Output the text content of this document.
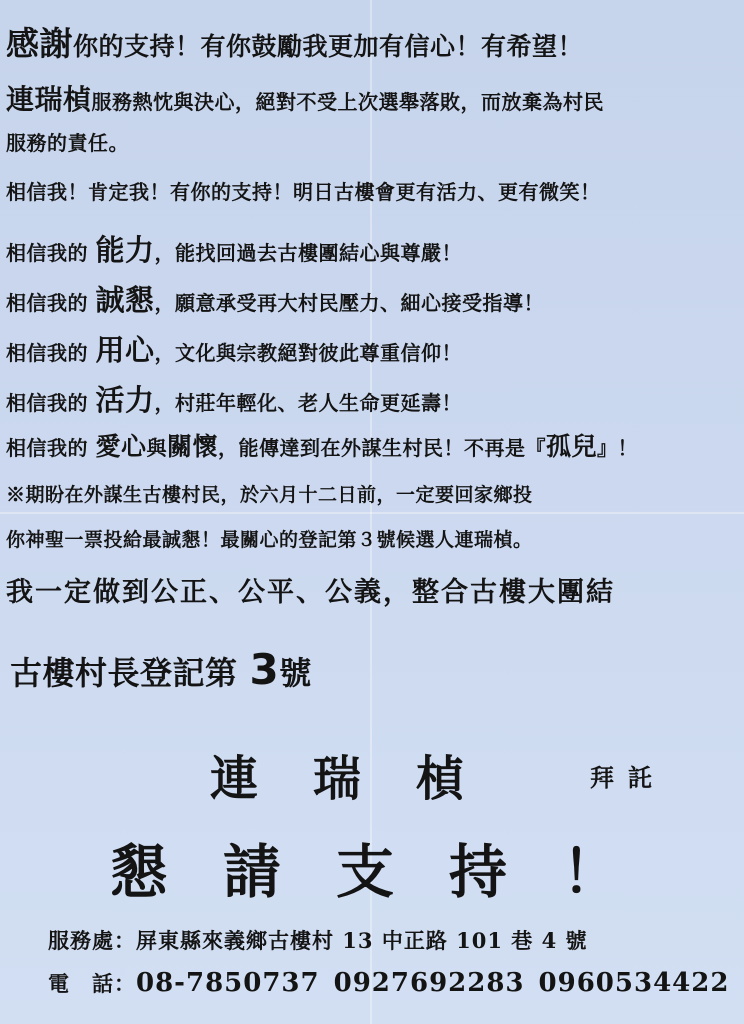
感謝你的支持！有你鼓勵我更加有信心！有希望！
連瑞楨服務熱忱與決心，絕對不受上次選舉落敗，而放棄為村民
服務的責任。
相信我！肯定我！有你的支持！明日古樓會更有活力、更有微笑！
相信我的 能力，能找回過去古樓團結心與尊嚴！
相信我的 誠懇，願意承受再大村民壓力、細心接受指導！
相信我的 用心，文化與宗教絕對彼此尊重信仰！
相信我的 活力，村莊年輕化、老人生命更延壽！
相信我的 愛心與關懷，能傳達到在外謀生村民！不再是『孤兒』！
※期盼在外謀生古樓村民，於六月十二日前，一定要回家鄉投
你神聖一票投給最誠懇！最關心的登記第３號候選人連瑞楨。
我一定做到公正、公平、公義，整合古樓大團結
古樓村長登記第 3號
連瑞楨	拜託
懇請支持！
服務處：屏東縣來義鄉古樓村 13 中正路 101 巷 4 號
電　話：08-7850737 0927692283 0960534422
